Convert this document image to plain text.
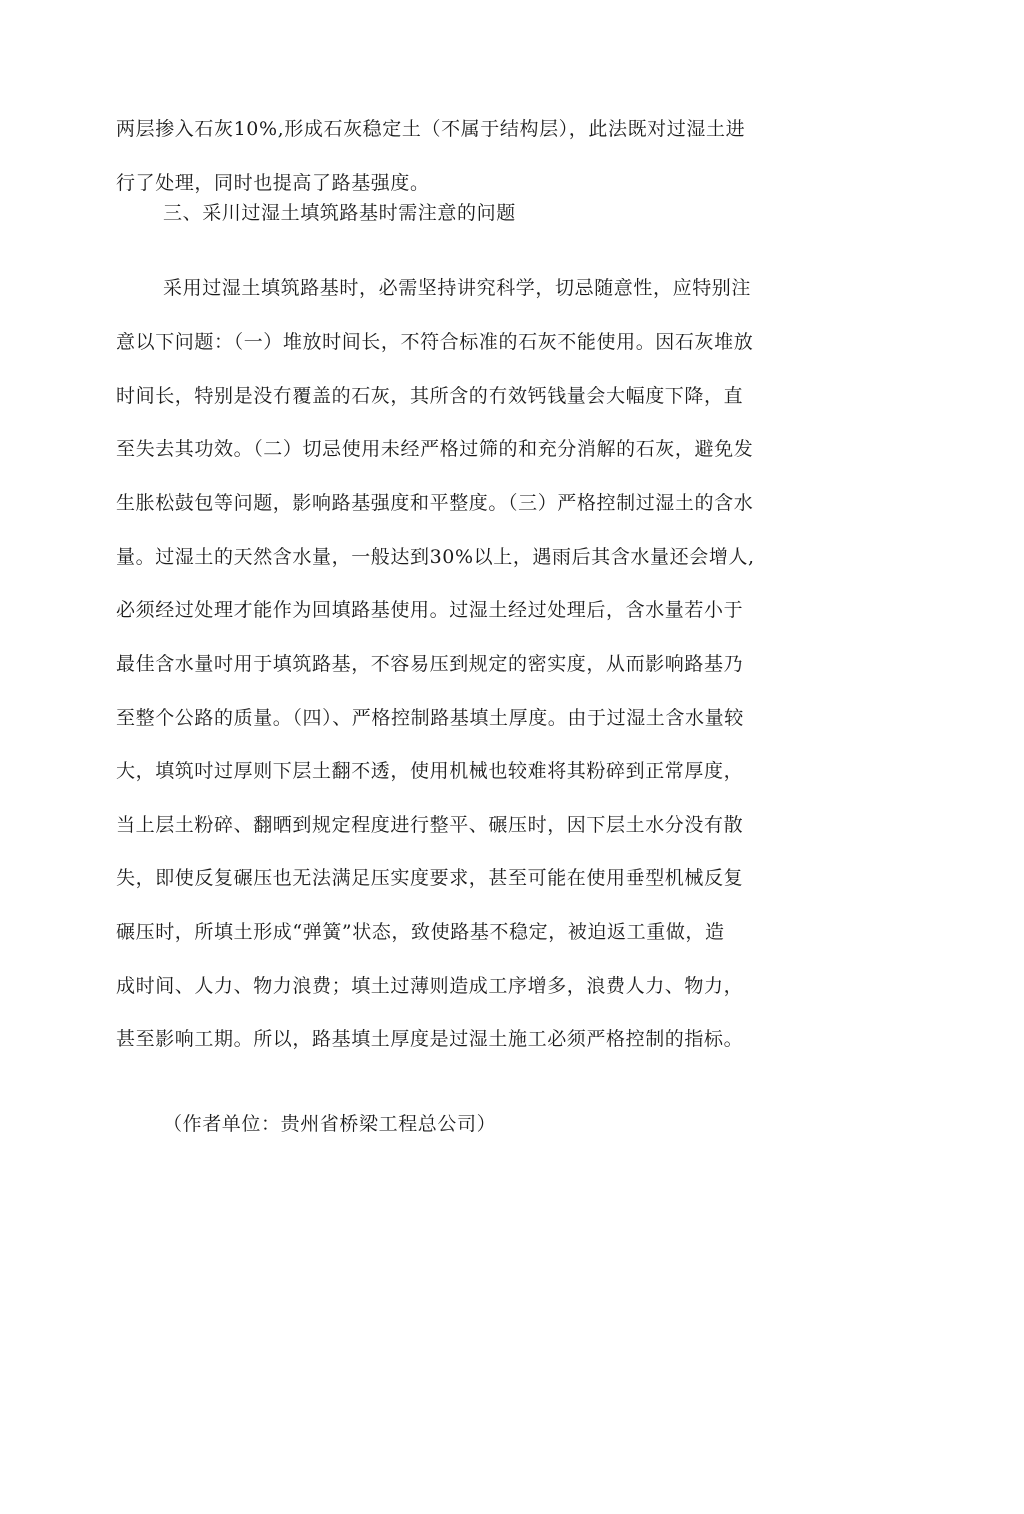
两层掺入石灰10%,形成石灰稳定土（不属于结构层），此法既对过湿土进
行了处理，同时也提高了路基强度。
三、采川过湿土填筑路基时需注意的问题
采用过湿土填筑路基时，必需坚持讲究科学，切忌随意性，应特别注
意以下问题：（一）堆放时间长，不符合标准的石灰不能使用。因石灰堆放
时间长，特别是没冇覆盖的石灰，其所含的冇效钙钱量会大幅度下降，直
至失去其功效。（二）切忌使用未经严格过筛的和充分消解的石灰，避免发
生胀松鼓包等问题，影响路基强度和平整度。（三）严格控制过湿土的含水
量。过湿土的天然含水量，一般达到30%以上，遇雨后其含水量还会增人,
必须经过处理才能作为回填路基使用。过湿土经过处理后，含水量若小于
最佳含水量吋用于填筑路基，不容易压到规定的密实度，从而影响路基乃
至整个公路的质量。（四）、严格控制路基填土厚度。由于过湿土含水量较
大，填筑吋过厚则下层土翻不透，使用机械也较难将其粉碎到正常厚度，
当上层土粉碎、翻晒到规定程度进行整平、碾压时，因下层土水分没有散
失，即使反复碾压也无法满足压实度要求，甚至可能在使用垂型机械反复
碾压时，所填土形成“弹簧”状态，致使路基不稳定，被迫返工重做，造
成时间、人力、物力浪费；填土过薄则造成工序增多，浪费人力、物力，
甚至影响工期。所以，路基填土厚度是过湿土施工必须严格控制的指标。
（作者单位：贵州省桥梁工程总公司）
